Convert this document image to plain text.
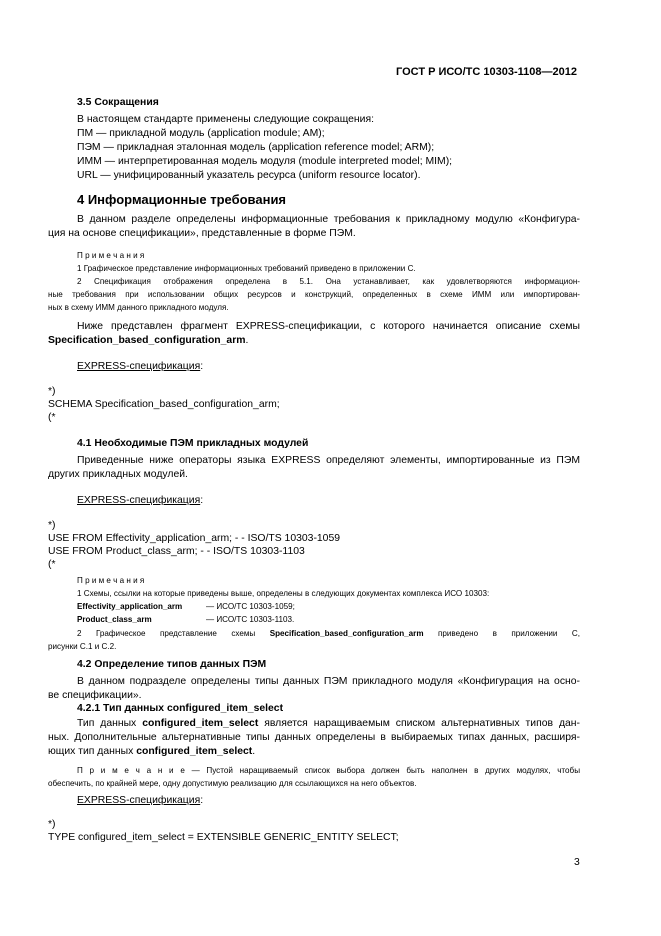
ГОСТ Р ИСО/ТС 10303-1108—2012
3.5 Сокращения
В настоящем стандарте применены следующие сокращения:
ПМ — прикладной модуль (application module; AM);
ПЭМ — прикладная эталонная модель (application reference model; ARM);
ИММ — интерпретированная модель модуля (module interpreted model; MIM);
URL — унифицированный указатель ресурса (uniform resource locator).
4 Информационные требования
В данном разделе определены информационные требования к прикладному модулю «Конфигура-
ция на основе спецификации», представленные в форме ПЭМ.
П р и м е ч а н и я
1 Графическое представление информационных требований приведено в приложении С.
2 Спецификация отображения определена в 5.1. Она устанавливает, как удовлетворяются информацион-
ные требования при использовании общих ресурсов и конструкций, определенных в схеме ИММ или импортирован-
ных в схему ИММ данного прикладного модуля.
Ниже представлен фрагмент EXPRESS-спецификации, с которого начинается описание схемы
Specification_based_configuration_arm.
EXPRESS-спецификация:
*)
SCHEMA Specification_based_configuration_arm;
(*
4.1 Необходимые ПЭМ прикладных модулей
Приведенные ниже операторы языка EXPRESS определяют элементы, импортированные из ПЭМ
других прикладных модулей.
EXPRESS-спецификация:
*)
USE FROM Effectivity_application_arm; - - ISO/TS 10303-1059
USE FROM Product_class_arm; - - ISO/TS 10303-1103
(*
П р и м е ч а н и я
1 Схемы, ссылки на которые приведены выше, определены в следующих документах комплекса ИСО 10303:
Effectivity_application_arm	— ИСО/ТС 10303-1059;
Product_class_arm	— ИСО/ТС 10303-1103.
2 Графическое представление схемы Specification_based_configuration_arm приведено в приложении С,
рисунки С.1 и С.2.
4.2 Определение типов данных ПЭМ
В данном подразделе определены типы данных ПЭМ прикладного модуля «Конфигурация на осно-
ве спецификации».
4.2.1 Тип данных configured_item_select
Тип данных configured_item_select является наращиваемым списком альтернативных типов дан-
ных. Дополнительные альтернативные типы данных определены в выбираемых типах данных, расширя-
ющих тип данных configured_item_select.
П р и м е ч а н и е — Пустой наращиваемый список выбора должен быть наполнен в других модулях, чтобы
обеспечить, по крайней мере, одну допустимую реализацию для ссылающихся на него объектов.
EXPRESS-спецификация:
*)
TYPE configured_item_select = EXTENSIBLE GENERIC_ENTITY SELECT;
3
